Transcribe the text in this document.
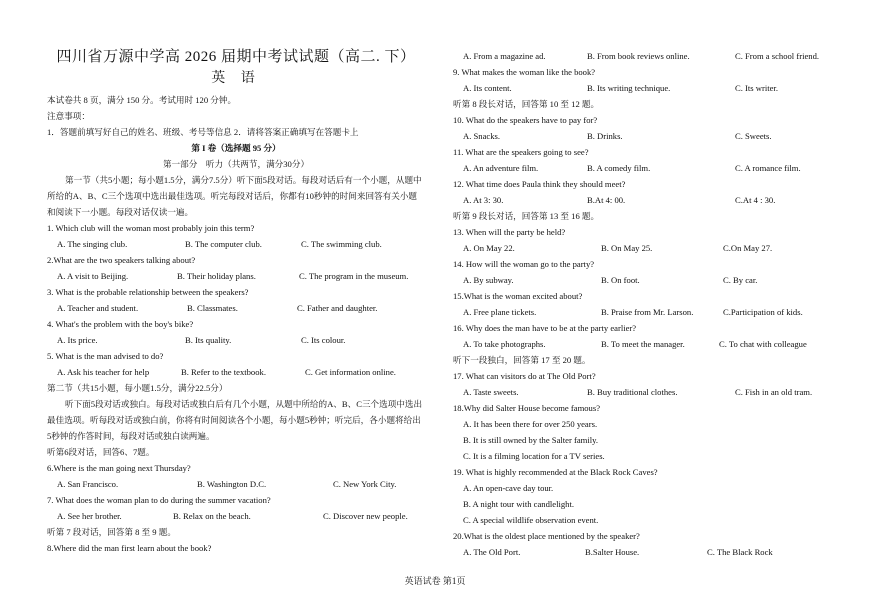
四川省万源中学高 2026 届期中考试试题（高二. 下）
英 语
本试卷共 8 页，满分 150 分。考试用时 120 分钟。
注意事项：
1．答题前填写好自己的姓名、班级、考号等信息 2．请将答案正确填写在答题卡上
第 I 卷（选择题 95 分）
第一部分　听力（共两节，满分30分）
第一节（共5小题；每小题1.5分，满分7.5分）听下面5段对话。每段对话后有一个小题，从题中所给的A、B、C三个选项中选出最佳选项。听完每段对话后，你都有10秒钟的时间来回答有关小题和阅读下一小题。每段对话仅读一遍。
1. Which club will the woman most probably join this term?
A. The singing club.	B. The computer club.	C. The swimming club.
2.What are the two speakers talking about?
A. A visit to Beijing.	B. Their holiday plans.	C. The program in the museum.
3. What is the probable relationship between the speakers?
A. Teacher and student.	B. Classmates.	C. Father and daughter.
4. What's the problem with the boy's bike?
A. Its price.	B. Its quality.	C. Its colour.
5. What is the man advised to do?
A. Ask his teacher for help	B. Refer to the textbook.	C. Get information online.
第二节（共15小题，每小题1.5分，满分22.5分）
听下面5段对话或独白。每段对话或独白后有几个小题，从题中所给的A、B、C三个选项中选出最佳选项。听每段对话或独白前，你将有时间阅读各个小题，每小题5秒钟；听完后，各小题将给出5秒钟的作答时间，每段对话或独白读两遍。
听第6段对话，回答6、7题。
6.Where is the man going next Thursday?
A. San Francisco.	B. Washington D.C.	C. New York City.
7. What does the woman plan to do during the summer vacation?
A. See her brother.	B. Relax on the beach.	C. Discover new people.
听第 7 段对话，回答第 8 至 9 题。
8.Where did the man first learn about the book?
A. From a magazine ad.	B. From book reviews online.	C. From a school friend.
9. What makes the woman like the book?
A. Its content.	B. Its writing technique.	C. Its writer.
听第 8 段长对话，回答第 10 至 12 题。
10. What do the speakers have to pay for?
A. Snacks.	B. Drinks.	C. Sweets.
11. What are the speakers going to see?
A. An adventure film.	B. A comedy film.	C. A romance film.
12. What time does Paula think they should meet?
A. At 3: 30.	B.At 4: 00.	C.At 4 : 30.
听第 9 段长对话，回答第 13 至 16 题。
13. When will the party be held?
A. On May 22.	B. On May 25.	C.On May 27.
14. How will the woman go to the party?
A. By subway.	B. On foot.	C. By car.
15.What is the woman excited about?
A. Free plane tickets.	B. Praise from Mr. Larson.	C.Participation of kids.
16. Why does the man have to be at the party earlier?
A. To take photographs.	B. To meet the manager.	C. To chat with colleague
听下一段独白，回答第 17 至 20 题。
17. What can visitors do at The Old Port?
A. Taste sweets.	B. Buy traditional clothes.	C. Fish in an old tram.
18.Why did Salter House become famous?
A. It has been there for over 250 years.
B. It is still owned by the Salter family.
C. It is a filming location for a TV series.
19. What is highly recommended at the Black Rock Caves?
A. An open-cave day tour.
B. A night tour with candlelight.
C. A special wildlife observation event.
20.What is the oldest place mentioned by the speaker?
A. The Old Port.	B.Salter House.	C. The Black Rock
英语试卷 第1页
